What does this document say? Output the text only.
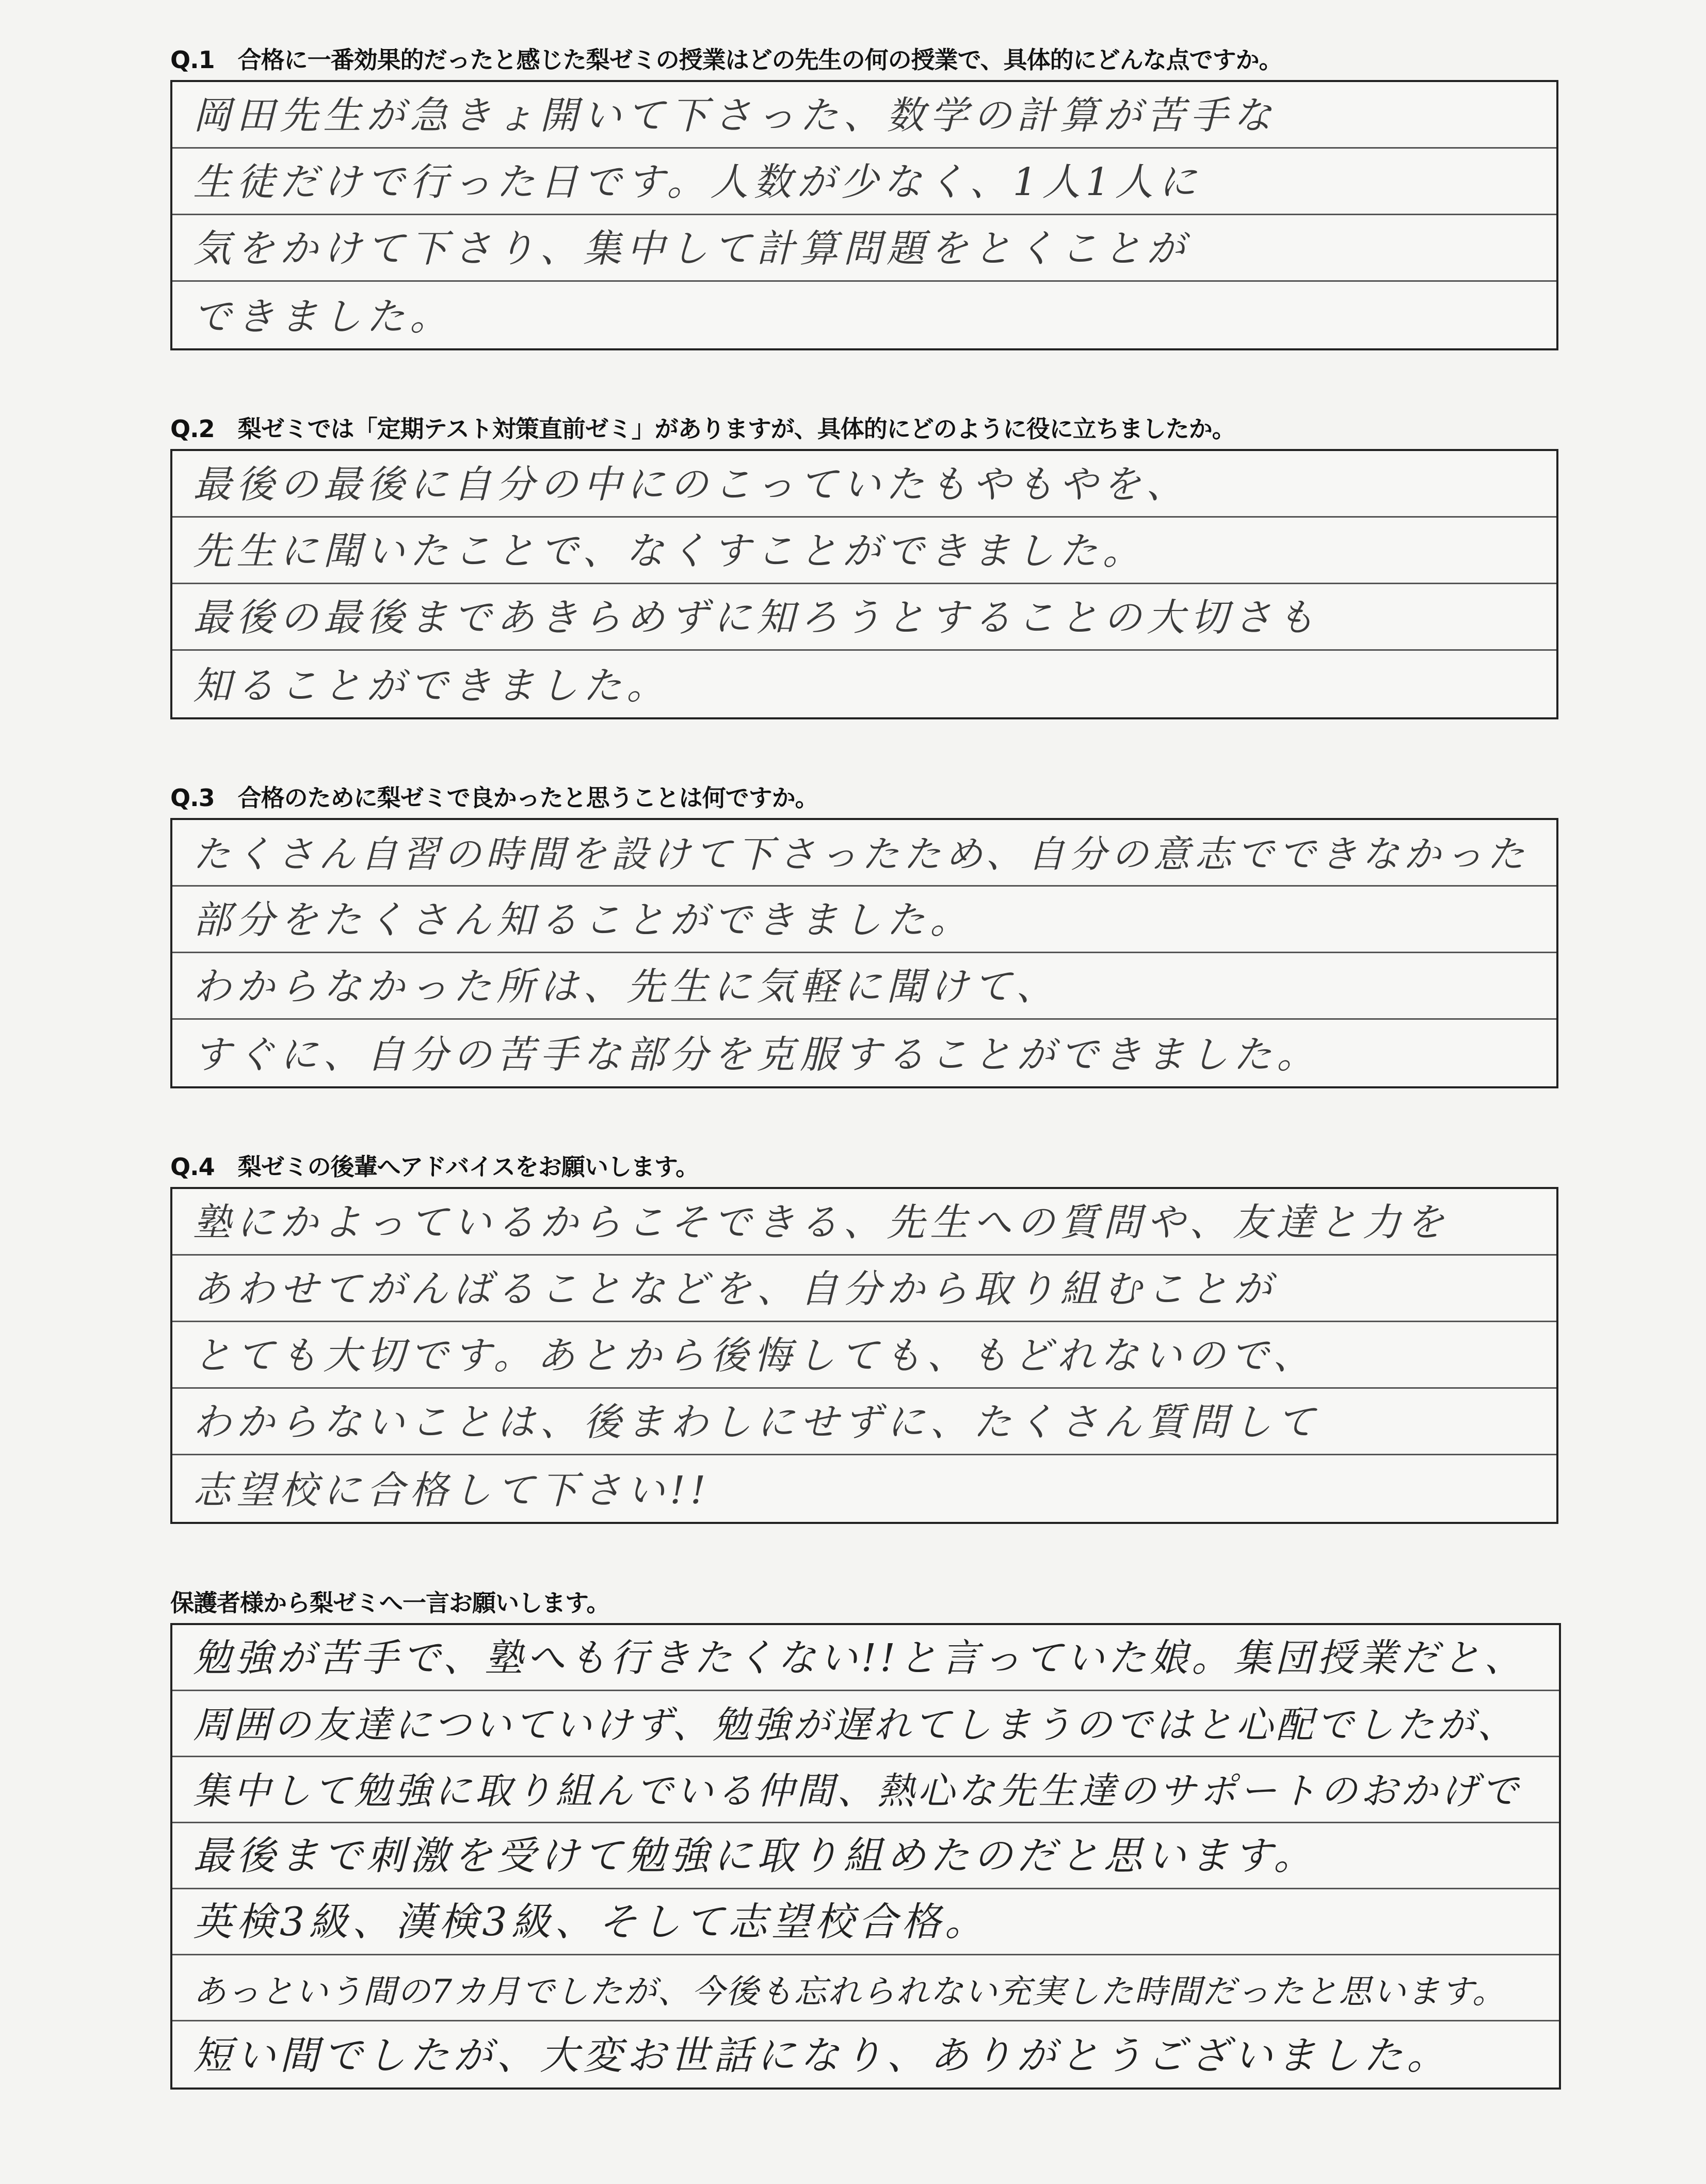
Q.1　合格に一番効果的だったと感じた梨ゼミの授業はどの先生の何の授業で、具体的にどんな点ですか。
岡田先生が急きょ開いて下さった、数学の計算が苦手な
生徒だけで行った日です。人数が少なく、1人1人に
気をかけて下さり、集中して計算問題をとくことが
できました。
Q.2　梨ゼミでは「定期テスト対策直前ゼミ」がありますが、具体的にどのように役に立ちましたか。
最後の最後に自分の中にのこっていたもやもやを、
先生に聞いたことで、なくすことができました。
最後の最後まであきらめずに知ろうとすることの大切さも
知ることができました。
Q.3　合格のために梨ゼミで良かったと思うことは何ですか。
たくさん自習の時間を設けて下さったため、自分の意志でできなかった
部分をたくさん知ることができました。
わからなかった所は、先生に気軽に聞けて、
すぐに、自分の苦手な部分を克服することができました。
Q.4　梨ゼミの後輩へアドバイスをお願いします。
塾にかよっているからこそできる、先生への質問や、友達と力を
あわせてがんばることなどを、自分から取り組むことが
とても大切です。あとから後悔しても、もどれないので、
わからないことは、後まわしにせずに、たくさん質問して
志望校に合格して下さい!!
保護者様から梨ゼミへ一言お願いします。
勉強が苦手で、塾へも行きたくない!!と言っていた娘。集団授業だと、
周囲の友達についていけず、勉強が遅れてしまうのではと心配でしたが、
集中して勉強に取り組んでいる仲間、熱心な先生達のサポートのおかげで
最後まで刺激を受けて勉強に取り組めたのだと思います。
英検3級、漢検3級、そして志望校合格。
あっという間の7カ月でしたが、今後も忘れられない充実した時間だったと思います。
短い間でしたが、大変お世話になり、ありがとうございました。
